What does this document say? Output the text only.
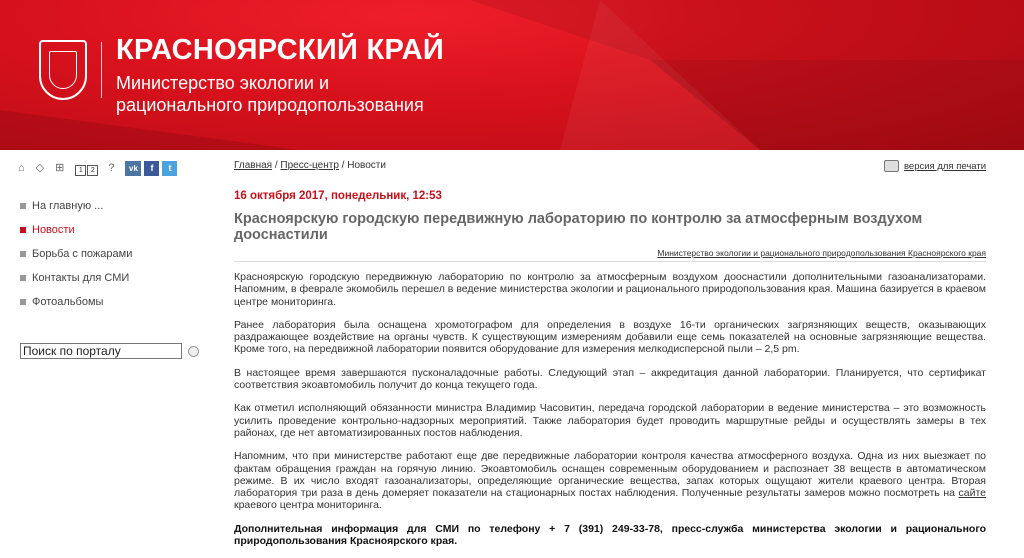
КРАСНОЯРСКИЙ КРАЙ
Министерство экологии и
рационального природопользования
⌂ ◇ ⊞	1 2	?	vk	f	t
На главную ...
Новости
Борьба с пожарами
Контакты для СМИ
Фотоальбомы
Поиск по порталу
Главная / Пресс-центр / Новости	версия для печати
16 октября 2017, понедельник, 12:53
Красноярскую городскую передвижную лабораторию по контролю за атмосферным воздухом дооснастили
Министерство экологии и рационального природопользования Красноярского края

Красноярскую городскую передвижную лабораторию по контролю за атмосферным воздухом дооснастили дополнительными газоанализаторами. Напомним, в феврале экомобиль перешел в ведение министерства экологии и рационального природопользования края. Машина базируется в краевом центре мониторинга.

Ранее лаборатория была оснащена хромотографом для определения в воздухе 16-ти органических загрязняющих веществ, оказывающих раздражающее воздействие на органы чувств. К существующим измерениям добавили еще семь показателей на основные загрязняющие вещества. Кроме того, на передвижной лаборатории появится оборудование для измерения мелкодисперсной пыли – 2,5 pm.

В настоящее время завершаются пусконаладочные работы. Следующий этап – аккредитация данной лаборатории. Планируется, что сертификат соответствия экоавтомобиль получит до конца текущего года.

Как отметил исполняющий обязанности министра Владимир Часовитин, передача городской лаборатории в ведение министерства – это возможность усилить проведение контрольно-надзорных мероприятий. Также лаборатория будет проводить маршрутные рейды и осуществлять замеры в тех районах, где нет автоматизированных постов наблюдения.

Напомним, что при министерстве работают еще две передвижные лаборатории контроля качества атмосферного воздуха. Одна из них выезжает по фактам обращения граждан на горячую линию. Экоавтомобиль оснащен современным оборудованием и распознает 38 веществ в автоматическом режиме. В их число входят газоанализаторы, определяющие органические вещества, запах которых ощущают жители краевого центра. Вторая лаборатория три раза в день домеряет показатели на стационарных постах наблюдения. Полученные результаты замеров можно посмотреть на сайте краевого центра мониторинга.

Дополнительная информация для СМИ по телефону + 7 (391) 249-33-78, пресс-служба министерства экологии и рационального природопользования Красноярского края.
